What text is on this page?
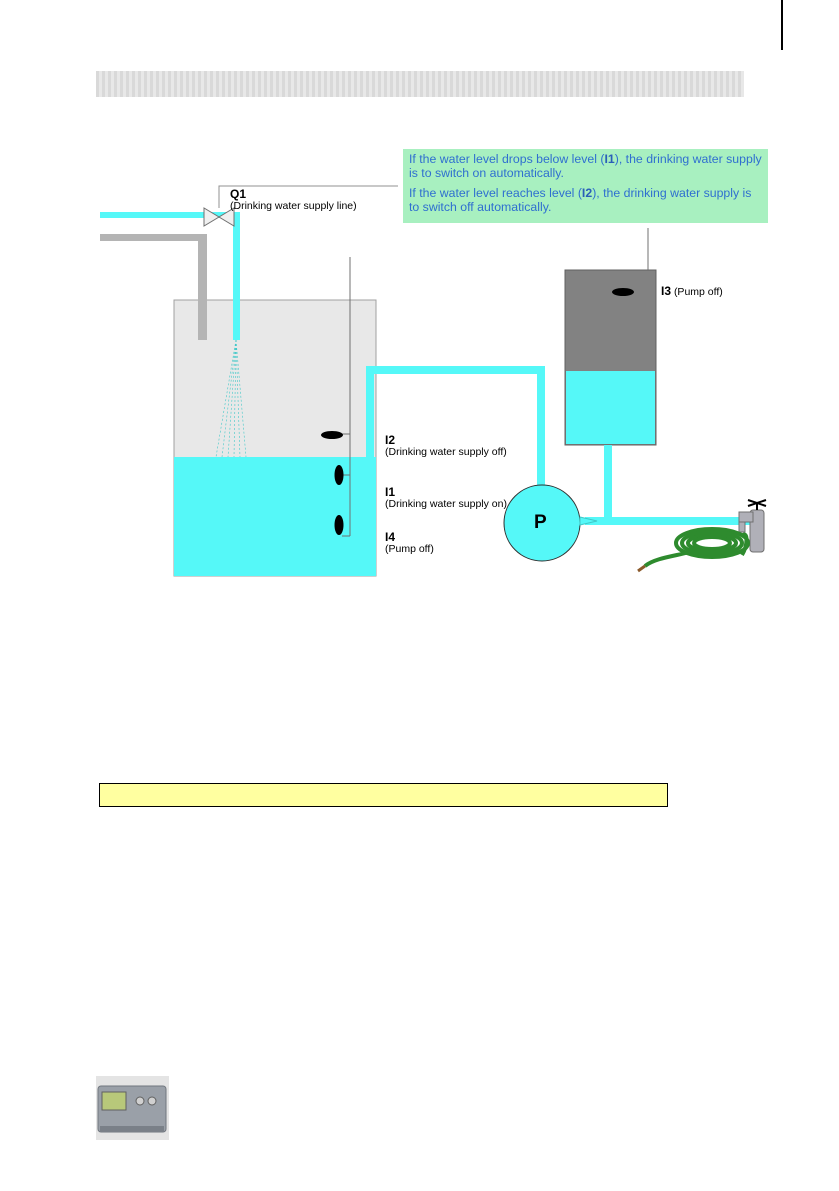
If the water level drops below level (I1), the drinking water supply is to switch on automatically.

If the water level reaches level (I2), the drinking water supply is to switch off automatically.

Q1
(Drinking water supply line)
I2
(Drinking water supply off)
I1
(Drinking water supply on)
I4
(Pump off)
I3 (Pump off)
P
